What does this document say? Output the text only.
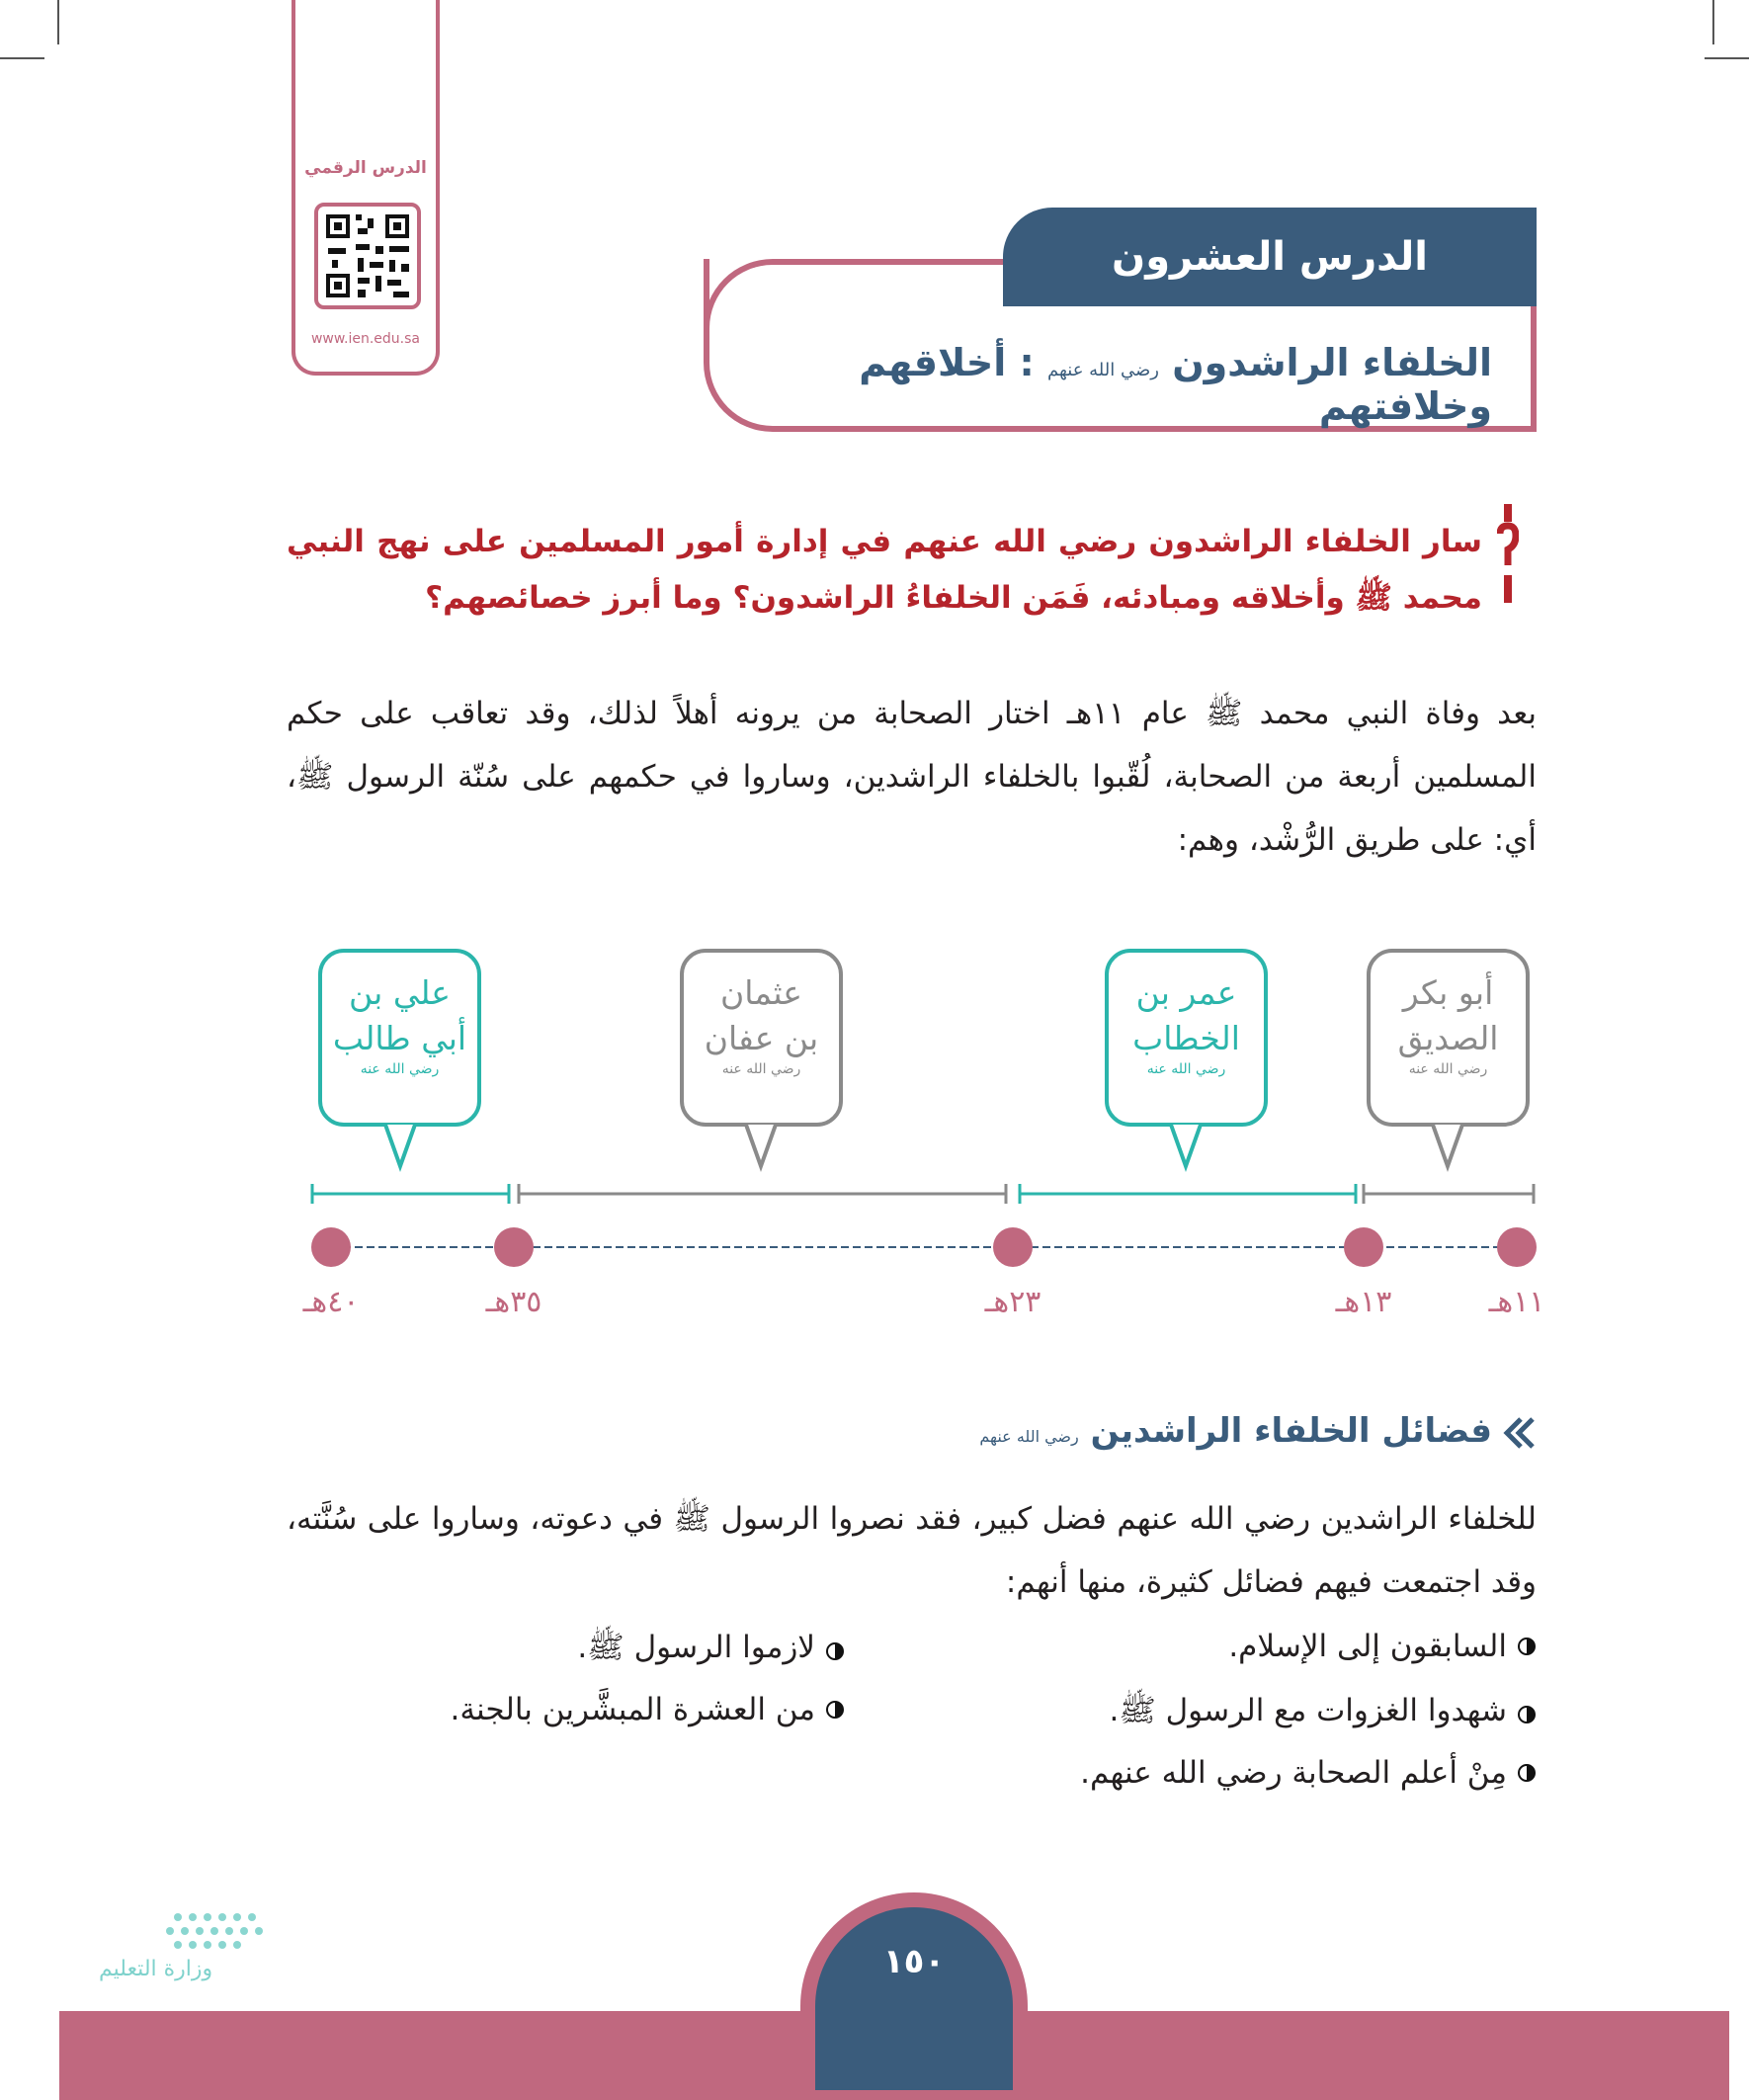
الدرس الرقمي
www.ien.edu.sa
الدرس العشرون
الخلفاء الراشدون رضي الله عنهم : أخلاقهم وخلافتهم
سار الخلفاء الراشدون رضي الله عنهم في إدارة أمور المسلمين على نهج النبي محمد ﷺ وأخلاقه ومبادئه، فَمَن الخلفاءُ الراشدون؟ وما أبرز خصائصهم؟
بعد وفاة النبي محمد ﷺ عام ١١هـ اختار الصحابة من يرونه أهلاً لذلك، وقد تعاقب على حكم المسلمين أربعة من الصحابة، لُقّبوا بالخلفاء الراشدين، وساروا في حكمهم على سُنّة الرسول ﷺ، أي: على طريق الرُّشْد، وهم:
أبو بكر
الصديق
رضي الله عنه
عمر بن
الخطاب
رضي الله عنه
عثمان
بن عفان
رضي الله عنه
علي بن
أبي طالب
رضي الله عنه
١١هـ
١٣هـ
٢٣هـ
٣٥هـ
٤٠هـ
فضائل الخلفاء الراشدين رضي الله عنهم
للخلفاء الراشدين رضي الله عنهم فضل كبير، فقد نصروا الرسول ﷺ في دعوته، وساروا على سُنَّته، وقد اجتمعت فيهم فضائل كثيرة، منها أنهم:
السابقون إلى الإسلام.
لازموا الرسول ﷺ.
شهدوا الغزوات مع الرسول ﷺ.
من العشرة المبشَّرين بالجنة.
مِنْ أعلم الصحابة رضي الله عنهم.
١٥٠
وزارة التعليم
